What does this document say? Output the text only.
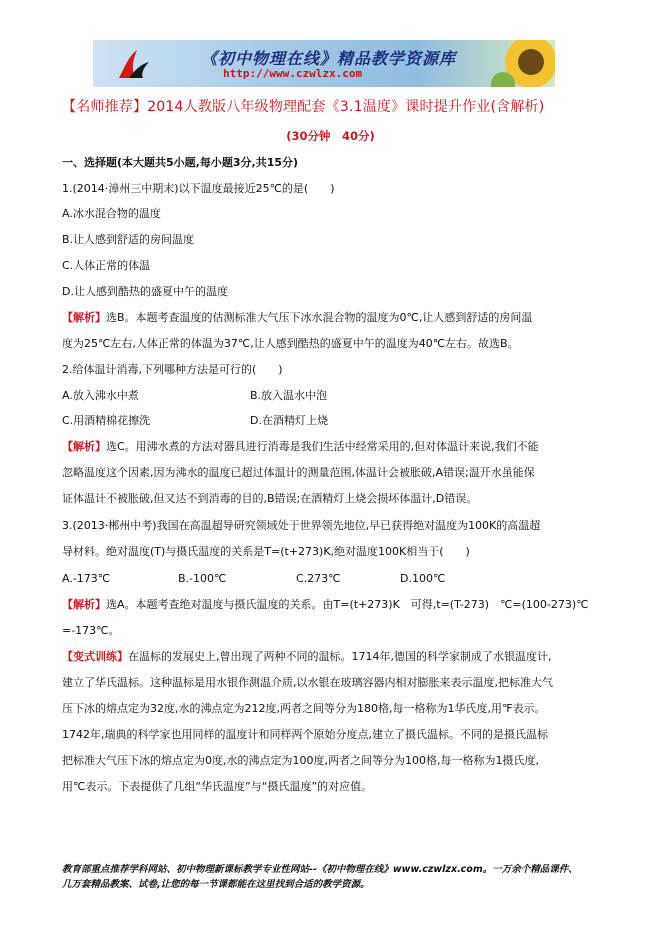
《初中物理在线》精品教学资源库
http://www.czwlzx.com
【名师推荐】2014人教版八年级物理配套《3.1温度》课时提升作业(含解析)
(30分钟　40分)
一、选择题(本大题共5小题,每小题3分,共15分)
1.(2014·漳州三中期末)以下温度最接近25℃的是(　　)
A.冰水混合物的温度
B.让人感到舒适的房间温度
C.人体正常的体温
D.让人感到酷热的盛夏中午的温度
【解析】选B。本题考查温度的估测标准大气压下冰水混合物的温度为0℃,让人感到舒适的房间温
度为25℃左右,人体正常的体温为37℃,让人感到酷热的盛夏中午的温度为40℃左右。故选B。
2.给体温计消毒,下列哪种方法是可行的(　　)
A.放入沸水中煮	B.放入温水中泡
C.用酒精棉花擦洗	D.在酒精灯上烧
【解析】选C。用沸水煮的方法对器具进行消毒是我们生活中经常采用的,但对体温计来说,我们不能
忽略温度这个因素,因为沸水的温度已超过体温计的测量范围,体温计会被胀破,A错误;温开水虽能保
证体温计不被胀破,但又达不到消毒的目的,B错误;在酒精灯上烧会损坏体温计,D错误。
3.(2013·郴州中考)我国在高温超导研究领域处于世界领先地位,早已获得绝对温度为100K的高温超
导材料。绝对温度(T)与摄氏温度的关系是T=(t+273)K,绝对温度100K相当于(　　)
A.-173℃	B.-100℃	C.273℃	D.100℃
【解析】选A。本题考查绝对温度与摄氏温度的关系。由T=(t+273)K　可得,t=(T-273)　℃=(100-273)℃
=-173℃。
【变式训练】在温标的发展史上,曾出现了两种不同的温标。1714年,德国的科学家制成了水银温度计,
建立了华氏温标。这种温标是用水银作测温介质,以水银在玻璃容器内相对膨胀来表示温度,把标准大气
压下冰的熔点定为32度,水的沸点定为212度,两者之间等分为180格,每一格称为1华氏度,用℉表示。
1742年,瑞典的科学家也用同样的温度计和同样两个原始分度点,建立了摄氏温标。不同的是摄氏温标
把标准大气压下冰的熔点定为0度,水的沸点定为100度,两者之间等分为100格,每一格称为1摄氏度,
用℃表示。下表提供了几组“华氏温度”与“摄氏温度”的对应值。
教育部重点推荐学科网站、初中物理新课标教学专业性网站--《初中物理在线》www.czwlzx.com。一万余个精品课件、
几万套精品教案、试卷,让您的每一节课都能在这里找到合适的教学资源。
